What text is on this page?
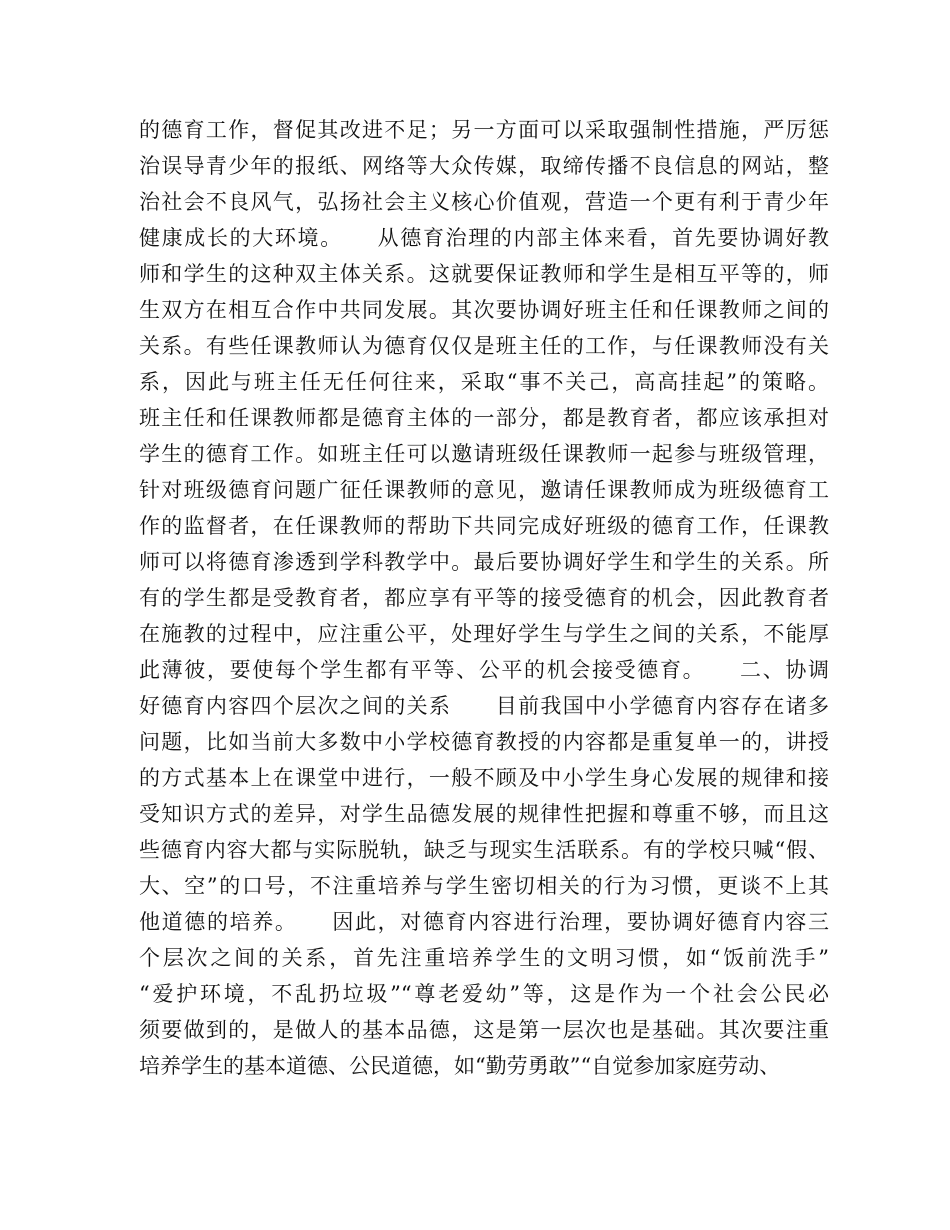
的德育工作，督促其改进不足；另一方面可以采取强制性措施，严厉惩
治误导青少年的报纸、网络等大众传媒，取缔传播不良信息的网站，整
治社会不良风气，弘扬社会主义核心价值观，营造一个更有利于青少年
健康成长的大环境。　　从德育治理的内部主体来看，首先要协调好教
师和学生的这种双主体关系。这就要保证教师和学生是相互平等的，师
生双方在相互合作中共同发展。其次要协调好班主任和任课教师之间的
关系。有些任课教师认为德育仅仅是班主任的工作，与任课教师没有关
系，因此与班主任无任何往来，采取“事不关己，高高挂起”的策略。
班主任和任课教师都是德育主体的一部分，都是教育者，都应该承担对
学生的德育工作。如班主任可以邀请班级任课教师一起参与班级管理，
针对班级德育问题广征任课教师的意见，邀请任课教师成为班级德育工
作的监督者，在任课教师的帮助下共同完成好班级的德育工作，任课教
师可以将德育渗透到学科教学中。最后要协调好学生和学生的关系。所
有的学生都是受教育者，都应享有平等的接受德育的机会，因此教育者
在施教的过程中，应注重公平，处理好学生与学生之间的关系，不能厚
此薄彼，要使每个学生都有平等、公平的机会接受德育。　　二、协调
好德育内容四个层次之间的关系　　目前我国中小学德育内容存在诸多
问题，比如当前大多数中小学校德育教授的内容都是重复单一的，讲授
的方式基本上在课堂中进行，一般不顾及中小学生身心发展的规律和接
受知识方式的差异，对学生品德发展的规律性把握和尊重不够，而且这
些德育内容大都与实际脱轨，缺乏与现实生活联系。有的学校只喊“假、
大、空”的口号，不注重培养与学生密切相关的行为习惯，更谈不上其
他道德的培养。　　因此，对德育内容进行治理，要协调好德育内容三
个层次之间的关系，首先注重培养学生的文明习惯，如“饭前洗手”
“爱护环境，不乱扔垃圾”“尊老爱幼”等，这是作为一个社会公民必
须要做到的，是做人的基本品德，这是第一层次也是基础。其次要注重
培养学生的基本道德、公民道德，如“勤劳勇敢”“自觉参加家庭劳动、
